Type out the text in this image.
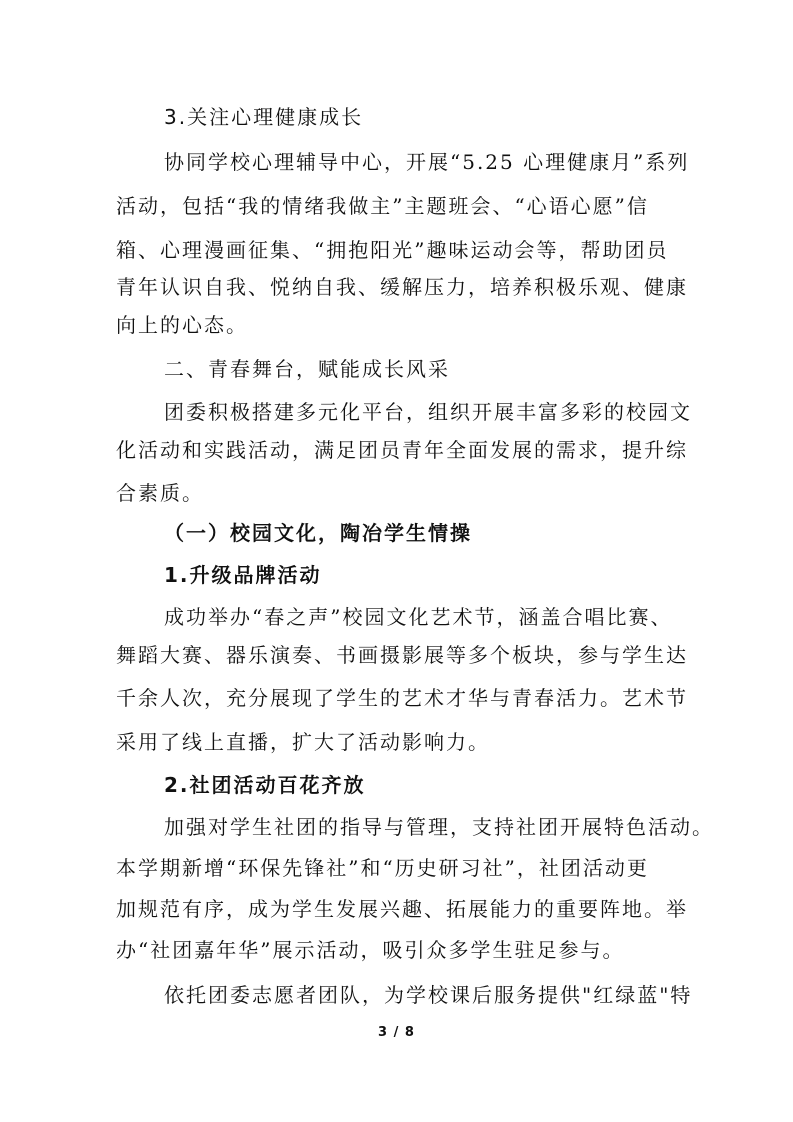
3.关注心理健康成长
协同学校心理辅导中心，开展“5.25 心理健康月”系列
活动，包括“我的情绪我做主”主题班会、“心语心愿”信
箱、心理漫画征集、“拥抱阳光”趣味运动会等，帮助团员
青年认识自我、悦纳自我、缓解压力，培养积极乐观、健康
向上的心态。
二、青春舞台，赋能成长风采
团委积极搭建多元化平台，组织开展丰富多彩的校园文
化活动和实践活动，满足团员青年全面发展的需求，提升综
合素质。
（一）校园文化，陶冶学生情操
1.升级品牌活动
成功举办“春之声”校园文化艺术节，涵盖合唱比赛、
舞蹈大赛、器乐演奏、书画摄影展等多个板块，参与学生达
千余人次，充分展现了学生的艺术才华与青春活力。艺术节
采用了线上直播，扩大了活动影响力。
2.社团活动百花齐放
加强对学生社团的指导与管理，支持社团开展特色活动。
本学期新增“环保先锋社”和“历史研习社”，社团活动更
加规范有序，成为学生发展兴趣、拓展能力的重要阵地。举
办“社团嘉年华”展示活动，吸引众多学生驻足参与。
依托团委志愿者团队，为学校课后服务提供"红绿蓝"特
3 / 8
